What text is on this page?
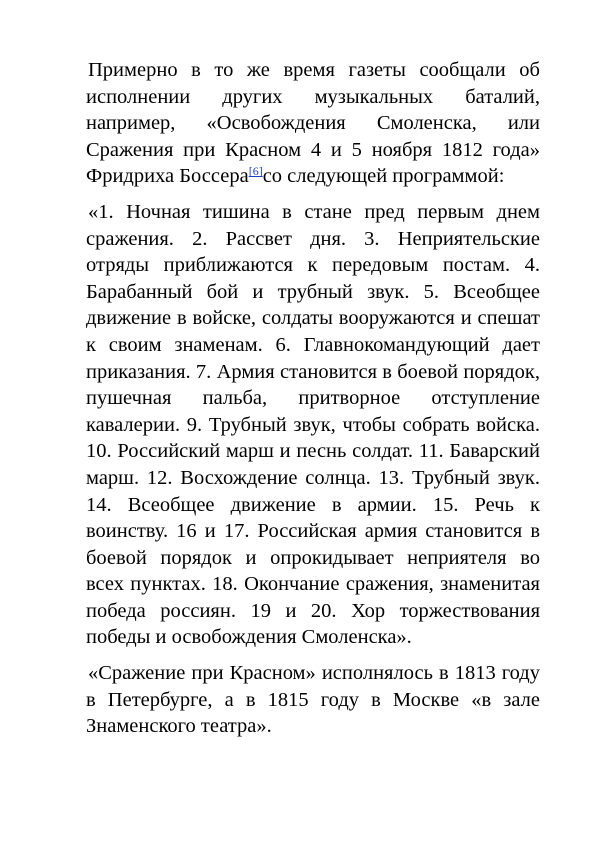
Примерно в то же время газеты сообщали об исполнении других музыкальных баталий, например, «Освобождения Смоленска, или Сражения при Красном 4 и 5 ноября 1812 года» Фридриха Боссера[6]со следующей программой:

«1. Ночная тишина в стане пред первым днем сражения. 2. Рассвет дня. 3. Неприятельские отряды приближаются к передовым постам. 4. Барабанный бой и трубный звук. 5. Всеобщее движение в войске, солдаты вооружаются и спешат к своим знаменам. 6. Главнокомандующий дает приказания. 7. Армия становится в боевой порядок, пушечная пальба, притворное отступление кавалерии. 9. Трубный звук, чтобы собрать войска. 10. Российский марш и песнь солдат. 11. Баварский марш. 12. Восхождение солнца. 13. Трубный звук. 14. Всеобщее движение в армии. 15. Речь к воинству. 16 и 17. Российская армия становится в боевой порядок и опрокидывает неприятеля во всех пунктах. 18. Окончание сражения, знаменитая победа россиян. 19 и 20. Хор торжествования победы и освобождения Смоленска».

«Сражение при Красном» исполнялось в 1813 году в Петербурге, а в 1815 году в Москве «в зале Знаменского театра».
